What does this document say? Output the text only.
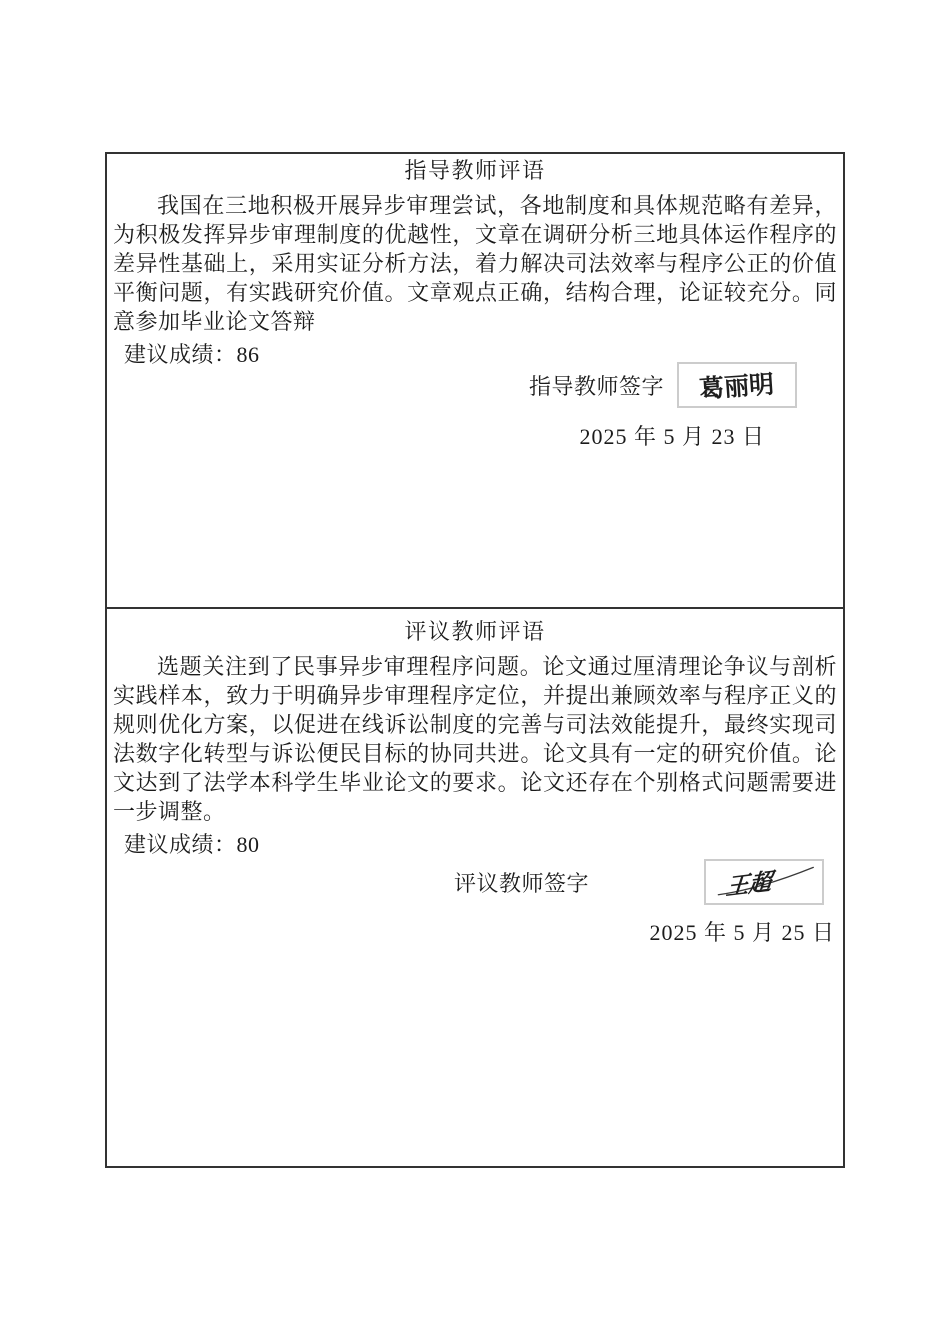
指导教师评语

我国在三地积极开展异步审理尝试，各地制度和具体规范略有差异，为积极发挥异步审理制度的优越性，文章在调研分析三地具体运作程序的差异性基础上，采用实证分析方法，着力解决司法效率与程序公正的价值平衡问题，有实践研究价值。文章观点正确，结构合理，论证较充分。同意参加毕业论文答辩

建议成绩：86
指导教师签字 葛丽明
2025 年 5 月 23 日
评议教师评语

选题关注到了民事异步审理程序问题。论文通过厘清理论争议与剖析实践样本，致力于明确异步审理程序定位，并提出兼顾效率与程序正义的规则优化方案，以促进在线诉讼制度的完善与司法效能提升，最终实现司法数字化转型与诉讼便民目标的协同共进。论文具有一定的研究价值。论文达到了法学本科学生毕业论文的要求。论文还存在个别格式问题需要进一步调整。

建议成绩：80
评议教师签字	王超
2025 年 5 月 25 日
